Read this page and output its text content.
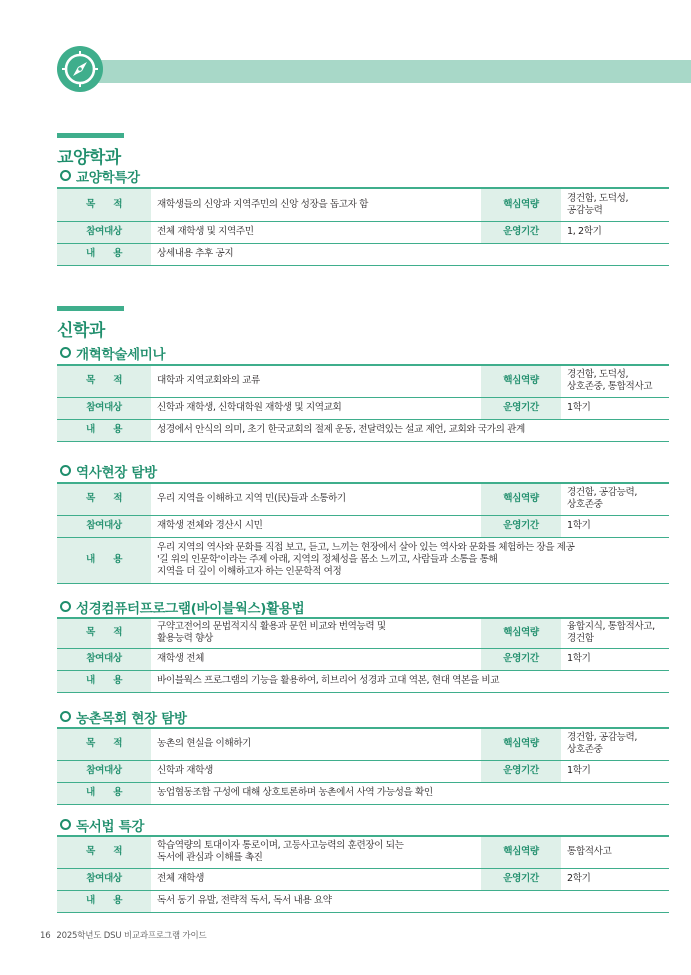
교양학과
교양학특강
목　　적	재학생들의 신앙과 지역주민의 신앙 성장을 돕고자 함	핵심역량	경건함, 도덕성,
공감능력
참여대상	전체 재학생 및 지역주민	운영기간	1, 2학기
내　　용	상세내용 추후 공지		
신학과
개혁학술세미나
목　　적	대학과 지역교회와의 교류	핵심역량	경건함, 도덕성,
상호존중, 통합적사고
참여대상	신학과 재학생, 신학대학원 재학생 및 지역교회	운영기간	1학기
내　　용	성경에서 안식의 의미, 초기 한국교회의 절제 운동, 전달력있는 설교 제언, 교회와 국가의 관계		
역사현장 탐방
목　　적	우리 지역을 이해하고 지역 민(民)들과 소통하기	핵심역량	경건함, 공감능력,
상호존중
참여대상	재학생 전체와 경산시 시민	운영기간	1학기
내　　용	우리 지역의 역사와 문화를 직접 보고, 듣고, 느끼는 현장에서 살아 있는 역사와 문화를 체험하는 장을 제공
'길 위의 인문학'이라는 주제 아래, 지역의 정체성을 몸소 느끼고, 사람들과 소통을 통해
지역을 더 깊이 이해하고자 하는 인문학적 여정		
성경컴퓨터프로그램(바이블웍스)활용법
목　　적	구약고전어의 문법적지식 활용과 문헌 비교와 번역능력 및
활용능력 향상	핵심역량	융합지식, 통합적사고,
경건함
참여대상	재학생 전체	운영기간	1학기
내　　용	바이블웍스 프로그램의 기능을 활용하여, 히브리어 성경과 고대 역본, 현대 역본을 비교		
농촌목회 현장 탐방
목　　적	농촌의 현실을 이해하기	핵심역량	경건함, 공감능력,
상호존중
참여대상	신학과 재학생	운영기간	1학기
내　　용	농업협동조합 구성에 대해 상호토론하며 농촌에서 사역 가능성을 확인		
독서법 특강
목　　적	학습역량의 토대이자 통로이며, 고등사고능력의 훈련장이 되는
독서에 관심과 이해를 촉진	핵심역량	통합적사고
참여대상	전체 재학생	운영기간	2학기
내　　용	독서 동기 유발, 전략적 독서, 독서 내용 요약		
16 2025학년도 DSU 비교과프로그램 가이드
